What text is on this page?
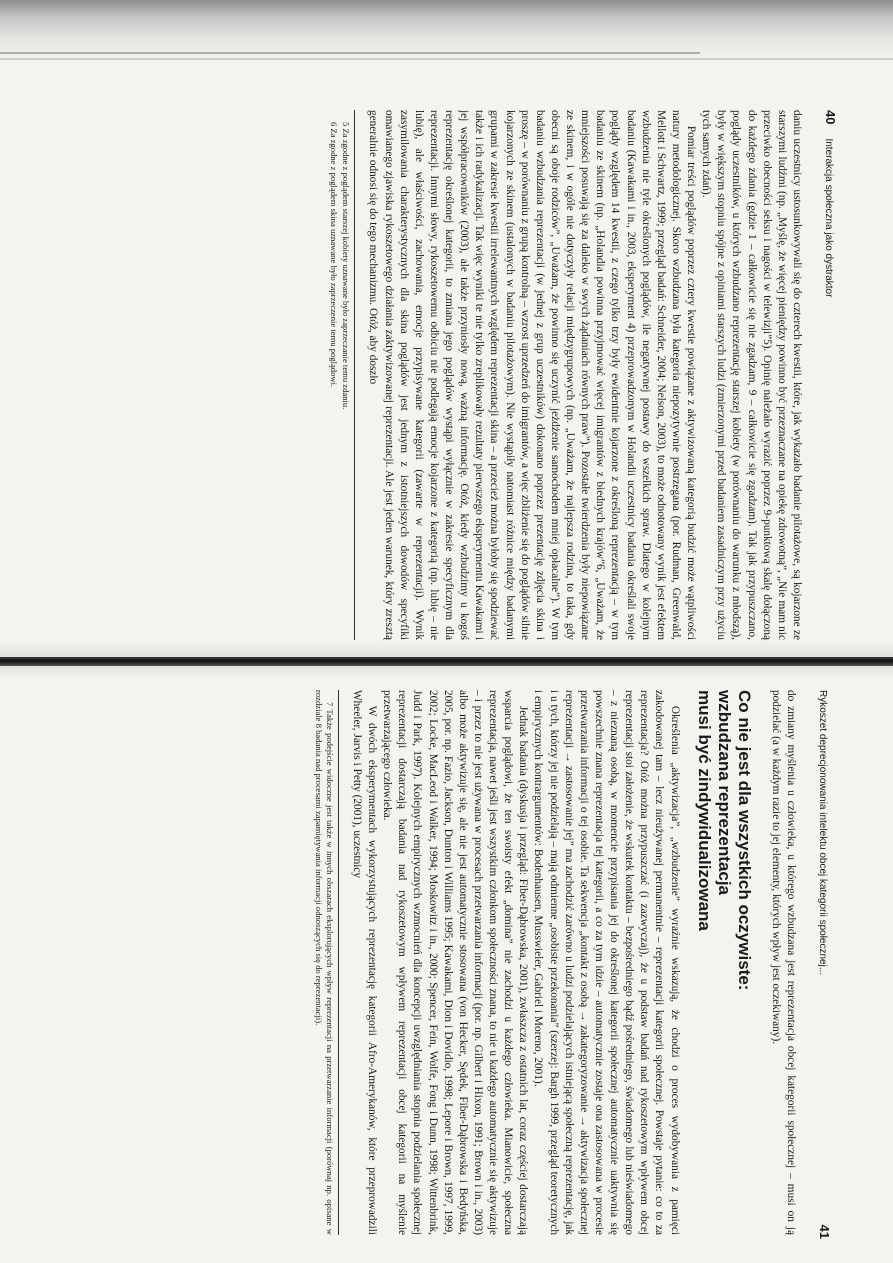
Rykoszet deprecjonowania intelektu obcej kategorii społecznej...
41

do zmiany myślenia u człowieka, u którego wzbudzana jest reprezentacja obcej kategorii społecznej – musi on ją podzielać (a w każdym razie to jej elementy, których wpływ jest oczekiwany).

Co nie jest dla wszystkich oczywiste:
wzbudzana reprezentacja
musi być zindywidualizowana

Określenia „aktywizacja”, „wzbudzenie” wyraźnie wskazują, że chodzi o proces wydobywania z pamięci zakodowanej tam – lecz nieużywanej permanentnie – reprezentacji kategorii społecznej. Powstaje pytanie: co to za reprezentacja? Otóż można przypuszczać (i zazwyczaj), że u podstaw badań nad rykoszetowym wpływem obcej reprezentacji stoi założenie, że wskutek kontaktu – bezpośredniego bądź pośredniego, świadomego lub nieświadomego – z nieznaną osobą, w momencie przypisania jej do określonej kategorii społecznej automatycznie uaktywnia się powszechnie znana reprezentacja tej kategorii, a co za tym idzie – automatycznie zostaje ona zastosowana w procesie przetwarzania informacji o tej osobie. Ta sekwencja „kontakt z osobą → zakategoryzowanie → aktywizacja społecznej reprezentacji → zastosowanie jej” ma zachodzić zarówno u ludzi podzielających istniejącą społeczną reprezentację, jak i u tych, którzy jej nie podzielają – mają odmienne „osobiste przekonania” (szerzej: Bargh 1999, przegląd teoretycznych i empirycznych kontrargumentów: Bodenhausen, Musswieler, Gabriel i Moreno, 2001).

Jednak badania (dyskusja i przegląd: Fiber-Dąbrowska, 2001), zwłaszcza z ostatnich lat, coraz częściej dostarczają wsparcia poglądowi, że ten swoisty efekt „domina” nie zachodzi u każdego człowieka. Mianowicie, społeczna reprezentacja, nawet jeśli jest wszystkim członkom społeczności znana, to nie u każdego automatycznie się aktywizuje – i przez to nie jest używana w procesach przetwarzania informacji (por. np. Gilbert i Hixon, 1991; Brown i in., 2003) albo może aktywizuje się, ale nie jest automatycznie stosowana (von Hecker, Sędek, Fiber-Dąbrowska i Bedyńska, 2005, por. np. Fazio, Jackson, Dunton i Williams 1995; Kawakami, Dion i Dovidio, 1998; Lepore i Brown, 1997, 1999, 2002; Locke, MacLeod i Walker, 1994; Moskowitz i in., 2000; Spencer, Fein, Wolfe, Fong i Dunn, 1998; Wittenbrink, Judd i Park, 1997). Kolejnych empirycznych wzmocnień dla koncepcji uwzględniania stopnia podzielania społecznej reprezentacji dostarczają badania nad rykoszetowym wpływem reprezentacji obcej kategorii na myślenie przetwarzającego człowieka.

W dwóch eksperymentach wykorzystujących reprezentację kategorii Afro-Amerykanów, które przeprowadzili Wheeler, Jarvis i Petty (2001), uczestnicy

7 Także podejście widoczne jest także w innych obszarach eksplorujących wpływ reprezentacji na przetwarzanie informacji (porównaj np. opisane w rozdziale 8 badania nad procesami zapamiętywania informacji odnoszących się do reprezentacji).

40
Interakcja społeczna jako dystraktor

daniu uczestnicy ustosunkowywali się do czterech kwestii, które, jak wykazało badanie pilotażowe, są kojarzone ze starszymi ludźmi (np. „Myślę, że więcej pieniędzy powinno być przeznaczane na opiekę zdrowotną”, „Nie mam nic przeciwko obecności seksu i nagości w telewizji”5). Opinię należało wyrazić poprzez 9-punktową skalę dołączoną do każdego zdania (gdzie 1 – całkowicie się nie zgadzam, 9 – całkowicie się zgadzam). Tak jak przypuszczano, poglądy uczestników, u których wzbudzano reprezentację starszej kobiety (w porównaniu do warunku z młodszą), były w większym stopniu spójne z opiniami starszych ludzi (zmierzonymi przed badaniem zasadniczym przy użyciu tych samych zdań).

Pomiar treści poglądów poprzez cztery kwestie powiązane z aktywizowaną kategorią budzić może wątpliwości natury metodologicznej. Skoro wzbudzana była kategoria niepozytywnie postrzegana (por. Rudman, Greenwald, Mellott i Schwartz, 1999; przegląd badań: Schneider, 2004; Nelson, 2003), to może odnotowany wynik jest efektem wzbudzenia nie tyle określonych poglądów, ile negatywnej postawy do wszelkich spraw. Dlatego w kolejnym badaniu (Kawakami i in., 2003, eksperyment 4) przeprowadzonym w Holandii uczestnicy badania określali swoje poglądy względem 14 kwestii, z czego tylko trzy były ewidentnie kojarzone z określoną reprezentacją – w tym badaniu ze skinem (np. „Holandia powinna przyjmować więcej imigrantów z biednych krajów”6, „Uważam, że mniejszości posuwają się za daleko w swych żądaniach równych praw”). Pozostałe twierdzenia były niepowiązane ze skinem, i w ogóle nie dotyczyły relacji międzygrupowych (np. „Uważam, że najlepsza rodzina, to taka, gdy obecni są oboje rodziców”, „Uważam, że powinno się uczynić jeżdżenie samochodem mniej opłacalne”). W tym badaniu wzbudzania reprezentacji (w jednej z grup uczestników) dokonano poprzez prezentację zdjęcia skina i proszę – w porównaniu z grupą kontrolną – wzrost uprzedzeń do imigrantów, a więc zbliżenie się do poglądów silnie kojarzonych ze skinem (ustalonych w badaniu pilotażowym). Nie wystąpiły natomiast różnice między badanymi grupami w zakresie kwestii irrelewantnych względem reprezentacji skina – a przecież można byłoby się spodziewać także i ich radykalizacji. Tak więc wyniki te nie tylko zreplikowały rezultaty pierwszego eksperymentu Kawakami i jej współpracowników (2003), ale także przyniosły nową, ważną informację. Otóż, kiedy wzbudzimy u kogoś reprezentację określonej kategorii, to zmiana jego poglądów wystąpi wyłącznie w zakresie specyficznym dla reprezentacji. Innymi słowy, rykoszetowemu odbiciu nie podlegają emocje kojarzone z kategorią (np. lubię – nie lubię), ale właściwości, zachowania, emocje przypisywane kategorii (zawarte w reprezentacji). Wynik zasymilowania charakterystycznych dla skina poglądów jest jednym z istotniejszych dowodów specyfiki omawianego zjawiska rykoszetowego działania zaktywizowanej reprezentacji. Ale jest jeden warunek, który zresztą generalnie odnosi się do tego mechanizmu. Otóż, aby doszło

5 Za zgodne z poglądem starszej kobiety uznawane było zaprzeczanie temu zdaniu.

6 Za zgodne z poglądem skina uznawane było zaprzeczenie temu poglądowi.
